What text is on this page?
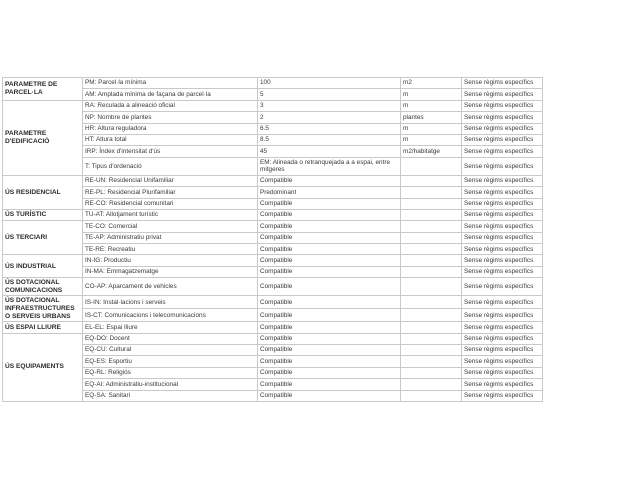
PARAMETRE DE PARCEL·LA	PM: Parcel·la mínima	100	m2	Sense règims específics
	AM: Amplada mínima de façana de parcel·la	5	m	Sense règims específics
PARAMETRE D'EDIFICACIÓ	RA: Reculada a alineació oficial	3	m	Sense règims específics
	NP: Nombre de plantes	2	plantes	Sense règims específics
	HR: Altura reguladora	6.5	m	Sense règims específics
	HT: Altura total	8.5	m	Sense règims específics
	IRP: Índex d'intensitat d'ús	45	m2/habitatge	Sense règims específics
	T: Tipus d'ordenació	EM: Alineada o retranquejada a a espai, entre mitgeres		Sense règims específics
ÚS RESIDENCIAL	RE-UN: Residencial Unifamiliar	Compatible		Sense règims específics
	RE-PL: Residencial Plurifamiliar	Predominant		Sense règims específics
	RE-CO: Residencial comunitari	Compatible		Sense règims específics
ÚS TURÍSTIC	TU-AT: Allotjament turístic	Compatible		Sense règims específics
ÚS TERCIARI	TE-CO: Comercial	Compatible		Sense règims específics
	TE-AP: Administratiu privat	Compatible		Sense règims específics
	TE-RE: Recreatiu	Compatible		Sense règims específics
ÚS INDUSTRIAL	IN-IG: Productiu	Compatible		Sense règims específics
	IN-MA: Emmagatzematge	Compatible		Sense règims específics
ÚS DOTACIONAL COMUNICACIONS	CO-AP: Aparcament de vehicles	Compatible		Sense règims específics
ÚS DOTACIONAL INFRAESTRUCTURES O SERVEIS URBANS	IS-IN: Instal·lacions i serveis	Compatible		Sense règims específics
	IS-CT: Comunicacions i telecomunicacions	Compatible		Sense règims específics
ÚS ESPAI LLIURE	EL-EL: Espai lliure	Compatible		Sense règims específics
ÚS EQUIPAMENTS	EQ-DO: Docent	Compatible		Sense règims específics
	EQ-CU: Cultural	Compatible		Sense règims específics
	EQ-ES: Esportiu	Compatible		Sense règims específics
	EQ-RL: Religiós	Compatible		Sense règims específics
	EQ-AI: Administratiu-institucional	Compatible		Sense règims específics
	EQ-SA: Sanitari	Compatible		Sense règims específics
